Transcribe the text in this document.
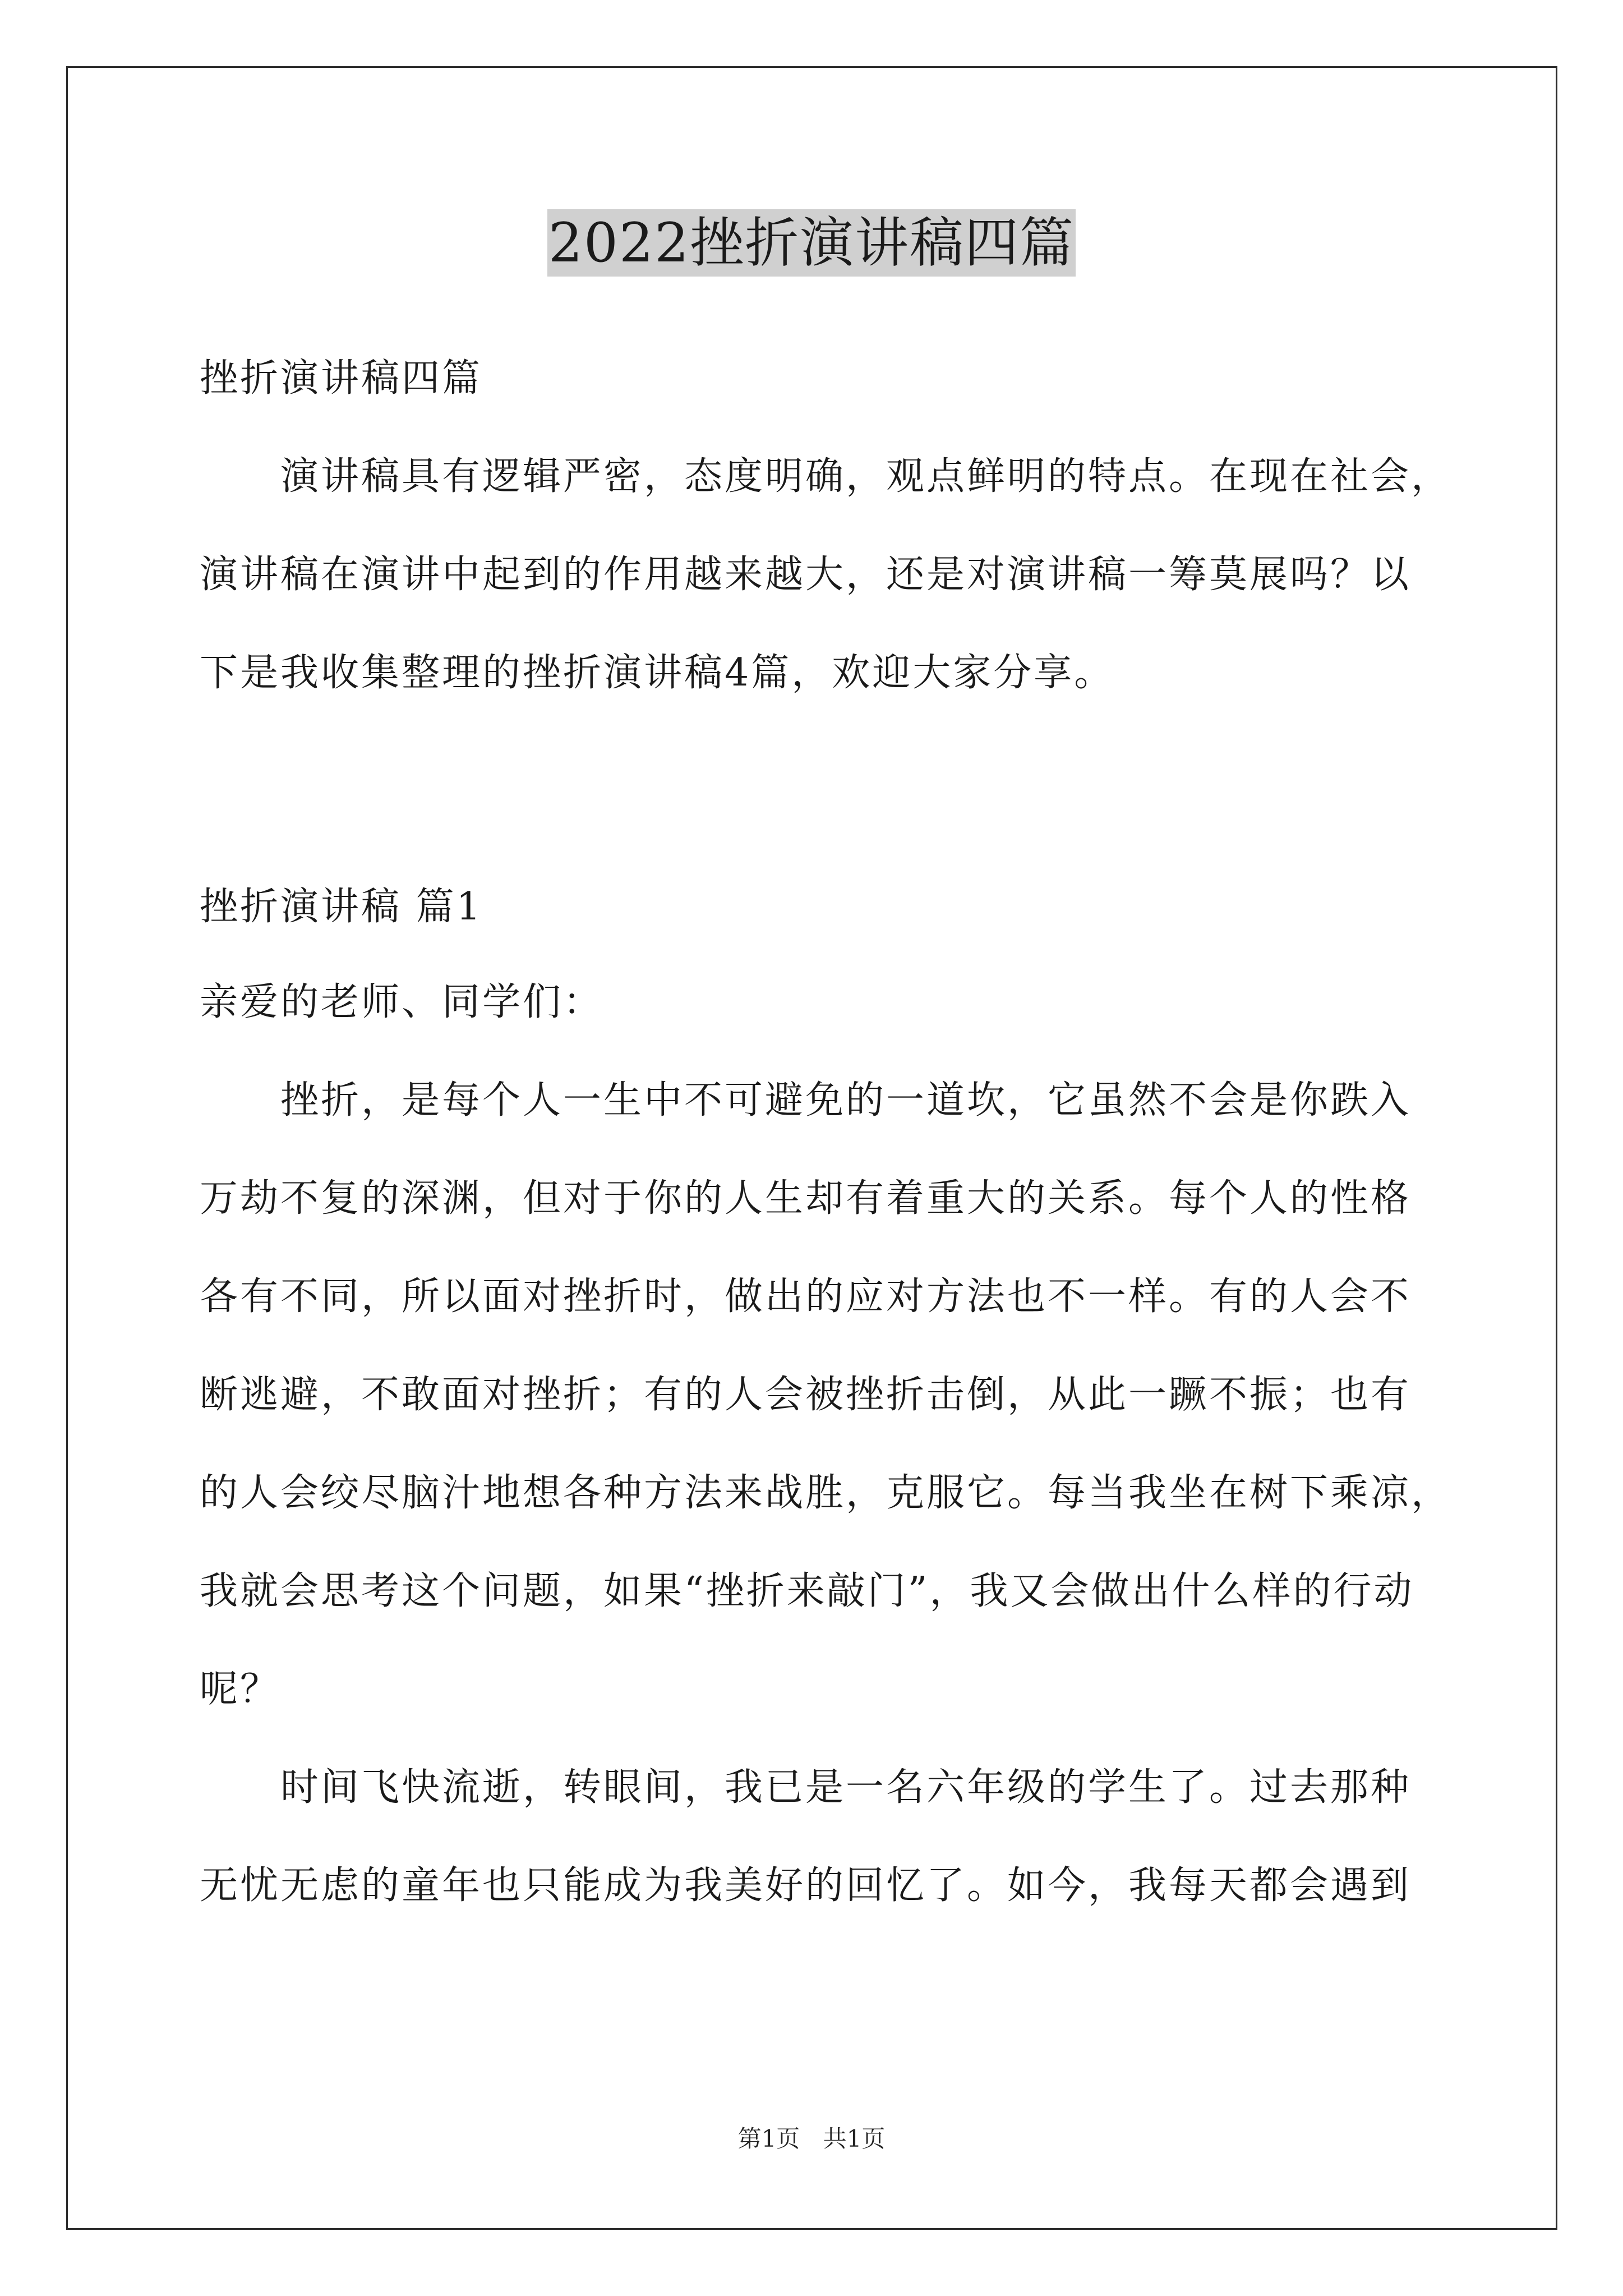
2022挫折演讲稿四篇
挫折演讲稿四篇
　　演讲稿具有逻辑严密，态度明确，观点鲜明的特点。在现在社会，
演讲稿在演讲中起到的作用越来越大，还是对演讲稿一筹莫展吗？以
下是我收集整理的挫折演讲稿4篇，欢迎大家分享。
挫折演讲稿 篇1
亲爱的老师、同学们：
　　挫折，是每个人一生中不可避免的一道坎，它虽然不会是你跌入
万劫不复的深渊，但对于你的人生却有着重大的关系。每个人的性格
各有不同，所以面对挫折时，做出的应对方法也不一样。有的人会不
断逃避，不敢面对挫折；有的人会被挫折击倒，从此一蹶不振；也有
的人会绞尽脑汁地想各种方法来战胜，克服它。每当我坐在树下乘凉，
我就会思考这个问题，如果“挫折来敲门”，我又会做出什么样的行动
呢？
　　时间飞快流逝，转眼间，我已是一名六年级的学生了。过去那种
无忧无虑的童年也只能成为我美好的回忆了。如今，我每天都会遇到
第1页 共1页
